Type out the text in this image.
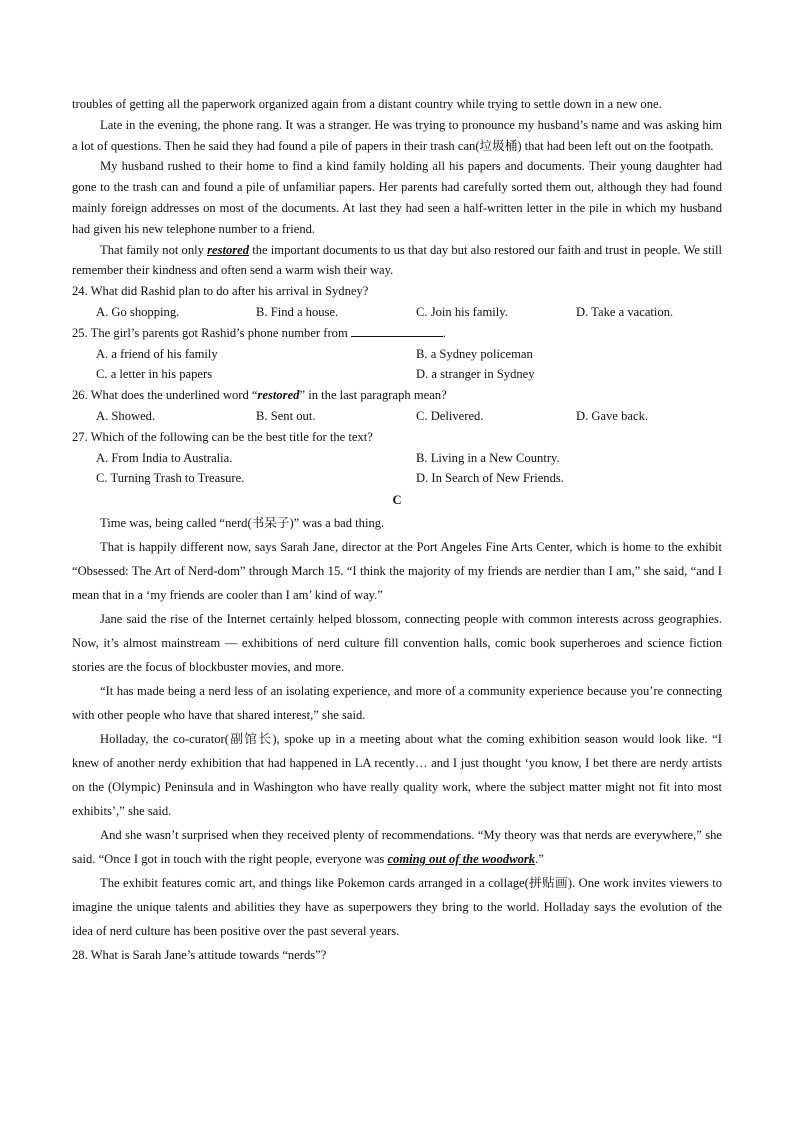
troubles of getting all the paperwork organized again from a distant country while trying to settle down in a new one.

Late in the evening, the phone rang. It was a stranger. He was trying to pronounce my husband’s name and was asking him a lot of questions. Then he said they had found a pile of papers in their trash can(垃圾桶) that had been left out on the footpath.

My husband rushed to their home to find a kind family holding all his papers and documents. Their young daughter had gone to the trash can and found a pile of unfamiliar papers. Her parents had carefully sorted them out, although they had found mainly foreign addresses on most of the documents. At last they had seen a half-written letter in the pile in which my husband had given his new telephone number to a friend.

That family not only restored the important documents to us that day but also restored our faith and trust in people. We still remember their kindness and often send a warm wish their way.

24. What did Rashid plan to do after his arrival in Sydney?

A. Go shopping.	B. Find a house.	C. Join his family.	D. Take a vacation.

25. The girl’s parents got Rashid’s phone number from	.

A. a friend of his family	B. a Sydney policeman
C. a letter in his papers	D. a stranger in Sydney

26. What does the underlined word “restored” in the last paragraph mean?

A. Showed.	B. Sent out.	C. Delivered.	D. Gave back.

27. Which of the following can be the best title for the text?

A. From India to Australia.	B. Living in a New Country.
C. Turning Trash to Treasure.	D. In Search of New Friends.

C

Time was, being called “nerd(书呆子)” was a bad thing.

That is happily different now, says Sarah Jane, director at the Port Angeles Fine Arts Center, which is home to the exhibit “Obsessed: The Art of Nerd-dom” through March 15. “I think the majority of my friends are nerdier than I am,” she said, “and I mean that in a ‘my friends are cooler than I am’ kind of way.”

Jane said the rise of the Internet certainly helped blossom, connecting people with common interests across geographies. Now, it’s almost mainstream — exhibitions of nerd culture fill convention halls, comic book superheroes and science fiction stories are the focus of blockbuster movies, and more.

“It has made being a nerd less of an isolating experience, and more of a community experience because you’re connecting with other people who have that shared interest,” she said.

Holladay, the co-curator(副馆长), spoke up in a meeting about what the coming exhibition season would look like. “I knew of another nerdy exhibition that had happened in LA recently… and I just thought ‘you know, I bet there are nerdy artists on the (Olympic) Peninsula and in Washington who have really quality work, where the subject matter might not fit into most exhibits’,” she said.

And she wasn’t surprised when they received plenty of recommendations. “My theory was that nerds are everywhere,” she said. “Once I got in touch with the right people, everyone was coming out of the woodwork.”

The exhibit features comic art, and things like Pokemon cards arranged in a collage(拼贴画). One work invites viewers to imagine the unique talents and abilities they have as superpowers they bring to the world. Holladay says the evolution of the idea of nerd culture has been positive over the past several years.

28. What is Sarah Jane’s attitude towards “nerds”?
